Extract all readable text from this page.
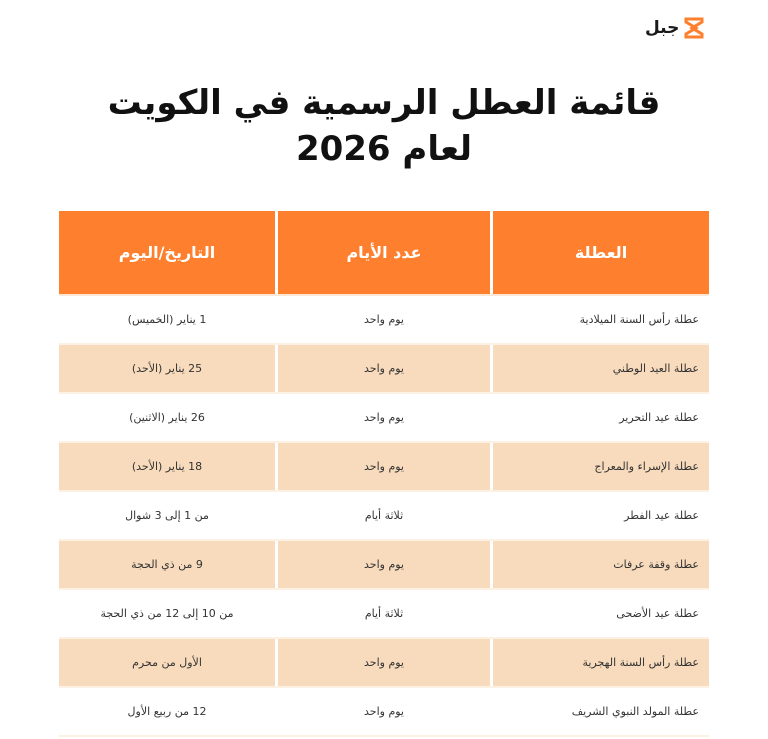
جبل
قائمة العطل الرسمية في الكويت
لعام 2026
العطلة
عدد الأيام
التاريخ/اليوم
عطلة رأس السنة الميلادية
يوم واحد
1 يناير (الخميس)
عطلة العيد الوطني
يوم واحد
25 يناير (الأحد)
عطلة عيد التحرير
يوم واحد
26 يناير (الاثنين)
عطلة الإسراء والمعراج
يوم واحد
18 يناير (الأحد)
عطلة عيد الفطر
ثلاثة أيام
من 1 إلى 3 شوال
عطلة وقفة عرفات
يوم واحد
9 من ذي الحجة
عطلة عيد الأضحى
ثلاثة أيام
من 10 إلى 12 من ذي الحجة
عطلة رأس السنة الهجرية
يوم واحد
الأول من محرم
عطلة المولد النبوي الشريف
يوم واحد
12 من ربيع الأول
